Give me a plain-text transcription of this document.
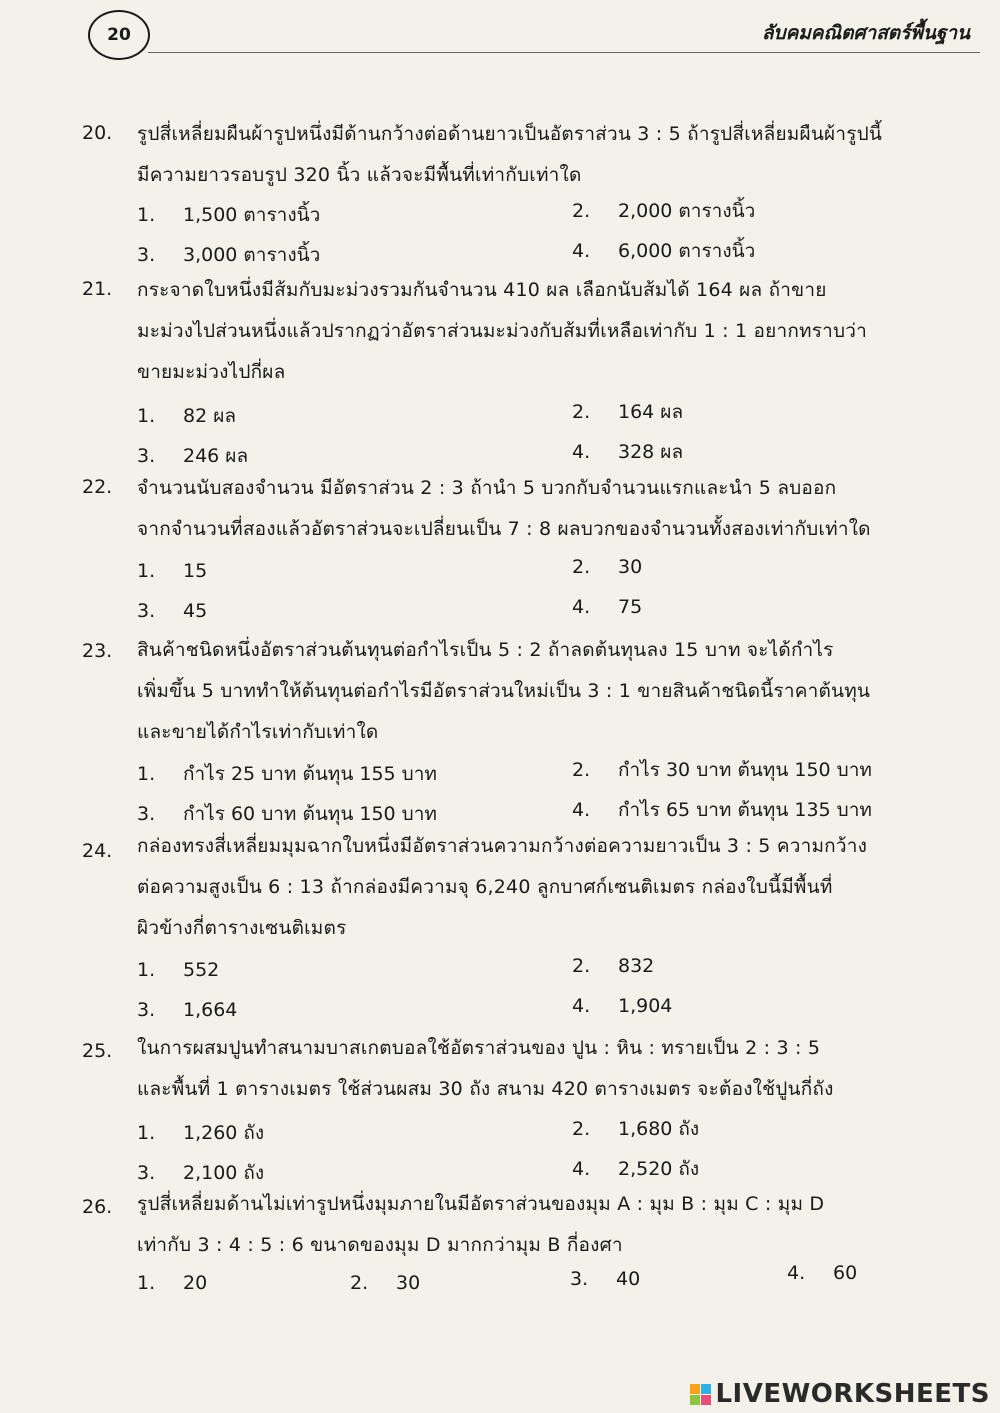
20	ลับคมคณิตศาสตร์พื้นฐาน
20. รูปสี่เหลี่ยมผืนผ้ารูปหนึ่งมีด้านกว้างต่อด้านยาวเป็นอัตราส่วน 3 : 5 ถ้ารูปสี่เหลี่ยมผืนผ้ารูปนี้
มีความยาวรอบรูป 320 นิ้ว แล้วจะมีพื้นที่เท่ากับเท่าใด
1. 1,500 ตารางนิ้ว	2. 2,000 ตารางนิ้ว
3. 3,000 ตารางนิ้ว	4. 6,000 ตารางนิ้ว
21. กระจาดใบหนึ่งมีส้มกับมะม่วงรวมกันจำนวน 410 ผล เลือกนับส้มได้ 164 ผล ถ้าขาย
มะม่วงไปส่วนหนึ่งแล้วปรากฏว่าอัตราส่วนมะม่วงกับส้มที่เหลือเท่ากับ 1 : 1 อยากทราบว่า
ขายมะม่วงไปกี่ผล
1. 82 ผล	2. 164 ผล
3. 246 ผล	4. 328 ผล
22. จำนวนนับสองจำนวน มีอัตราส่วน 2 : 3 ถ้านำ 5 บวกกับจำนวนแรกและนำ 5 ลบออก
จากจำนวนที่สองแล้วอัตราส่วนจะเปลี่ยนเป็น 7 : 8 ผลบวกของจำนวนทั้งสองเท่ากับเท่าใด
1. 15	2. 30
3. 45	4. 75
23. สินค้าชนิดหนึ่งอัตราส่วนต้นทุนต่อกำไรเป็น 5 : 2 ถ้าลดต้นทุนลง 15 บาท จะได้กำไร
เพิ่มขึ้น 5 บาททำให้ต้นทุนต่อกำไรมีอัตราส่วนใหม่เป็น 3 : 1 ขายสินค้าชนิดนี้ราคาต้นทุน
และขายได้กำไรเท่ากับเท่าใด
1. กำไร 25 บาท ต้นทุน 155 บาท	2. กำไร 30 บาท ต้นทุน 150 บาท
3. กำไร 60 บาท ต้นทุน 150 บาท	4. กำไร 65 บาท ต้นทุน 135 บาท
24. กล่องทรงสี่เหลี่ยมมุมฉากใบหนึ่งมีอัตราส่วนความกว้างต่อความยาวเป็น 3 : 5 ความกว้าง
ต่อความสูงเป็น 6 : 13 ถ้ากล่องมีความจุ 6,240 ลูกบาศก์เซนติเมตร กล่องใบนี้มีพื้นที่
ผิวข้างกี่ตารางเซนติเมตร
1. 552	2. 832
3. 1,664	4. 1,904
25. ในการผสมปูนทำสนามบาสเกตบอลใช้อัตราส่วนของ ปูน : หิน : ทรายเป็น 2 : 3 : 5
และพื้นที่ 1 ตารางเมตร ใช้ส่วนผสม 30 ถัง สนาม 420 ตารางเมตร จะต้องใช้ปูนกี่ถัง
1. 1,260 ถัง	2. 1,680 ถัง
3. 2,100 ถัง	4. 2,520 ถัง
26. รูปสี่เหลี่ยมด้านไม่เท่ารูปหนึ่งมุมภายในมีอัตราส่วนของมุม A : มุม B : มุม C : มุม D
เท่ากับ 3 : 4 : 5 : 6 ขนาดของมุม D มากกว่ามุม B กี่องศา
1. 20	2. 30	3. 40	4. 60
LIVEWORKSHEETS
